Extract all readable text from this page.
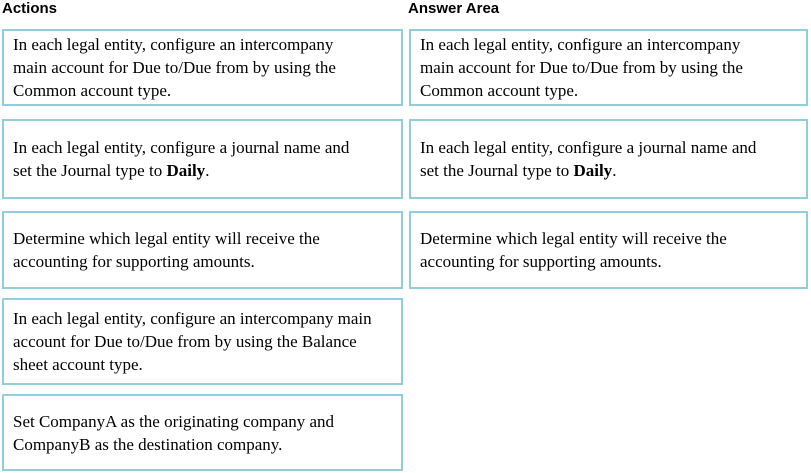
Actions	Answer Area

In each legal entity, configure an intercompany
main account for Due to/Due from by using the
Common account type.

In each legal entity, configure a journal name and
set the Journal type to Daily.

Determine which legal entity will receive the
accounting for supporting amounts.

In each legal entity, configure an intercompany main
account for Due to/Due from by using the Balance
sheet account type.

Set CompanyA as the originating company and
CompanyB as the destination company.

In each legal entity, configure an intercompany
main account for Due to/Due from by using the
Common account type.

In each legal entity, configure a journal name and
set the Journal type to Daily.

Determine which legal entity will receive the
accounting for supporting amounts.
